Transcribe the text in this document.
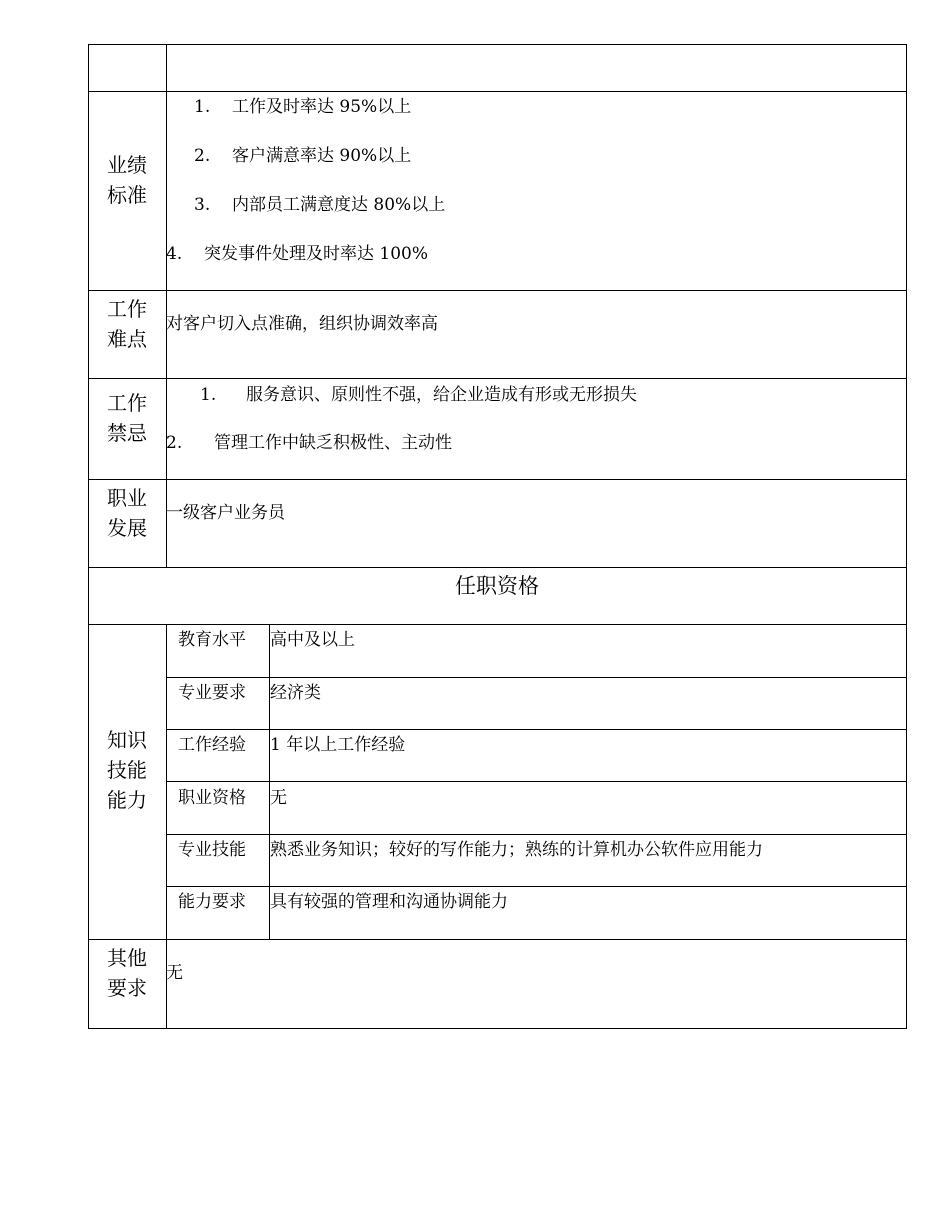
业绩
标准
1. 工作及时率达 95%以上
2. 客户满意率达 90%以上
3. 内部员工满意度达 80%以上
4. 突发事件处理及时率达 100%
工作
难点
对客户切入点准确，组织协调效率高
工作
禁忌
1. 服务意识、原则性不强，给企业造成有形或无形损失
2. 管理工作中缺乏积极性、主动性
职业
发展
一级客户业务员
任职资格
知识
技能
能力
教育水平 高中及以上
专业要求 经济类
工作经验 1 年以上工作经验
职业资格 无
专业技能 熟悉业务知识；较好的写作能力；熟练的计算机办公软件应用能力
能力要求 具有较强的管理和沟通协调能力
其他
要求
无
